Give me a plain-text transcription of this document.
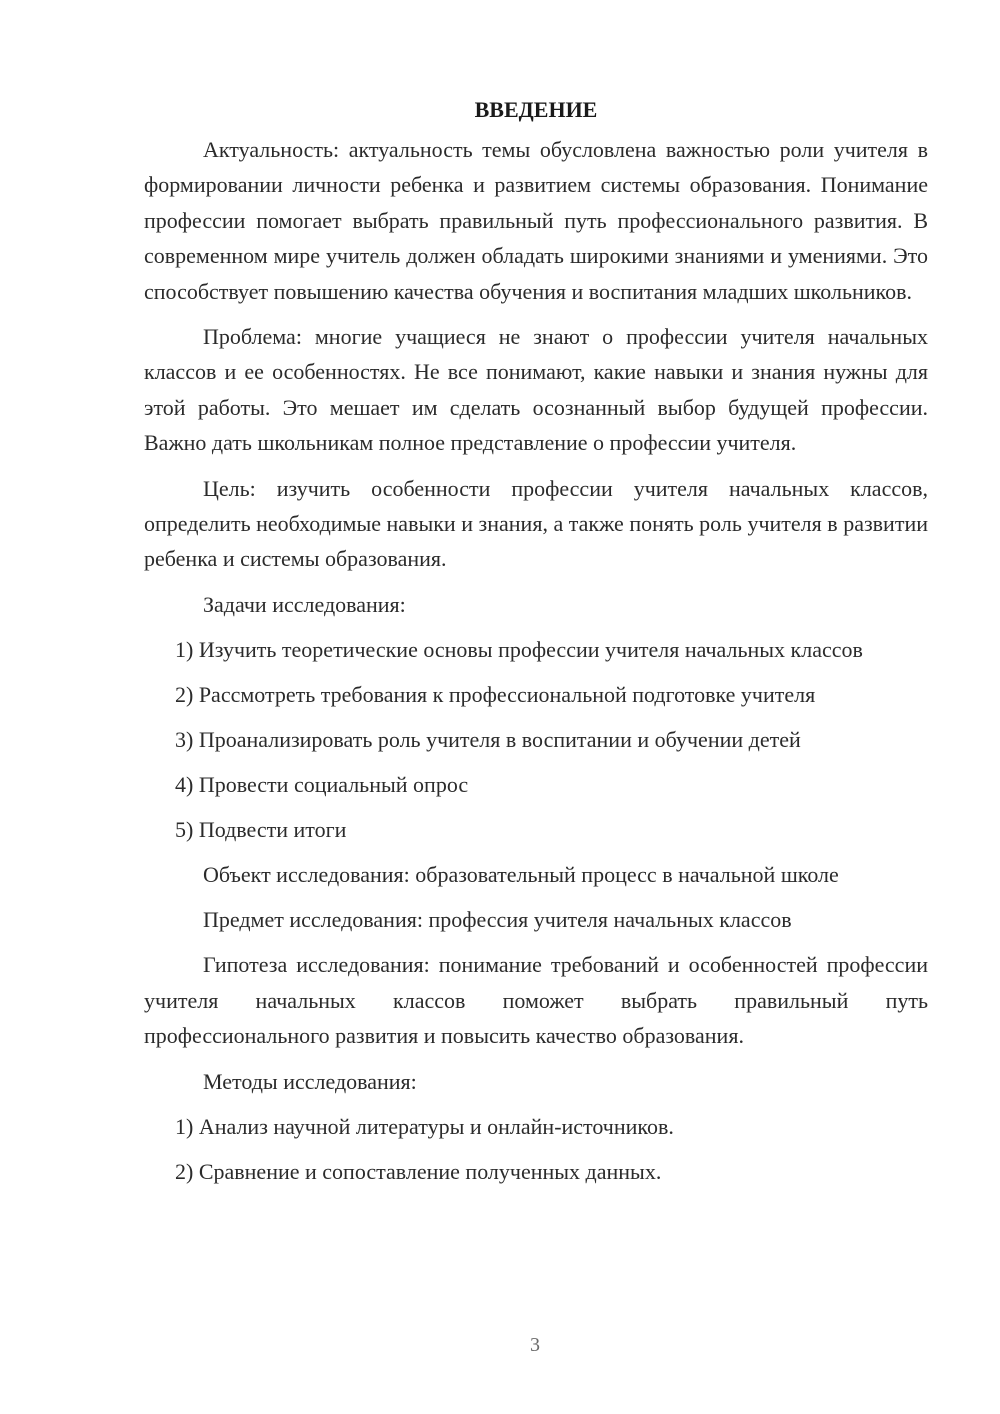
ВВЕДЕНИЕ

Актуальность: актуальность темы обусловлена важностью роли учителя в формировании личности ребенка и развитием системы образования. Понимание профессии помогает выбрать правильный путь профессионального развития. В современном мире учитель должен обладать широкими знаниями и умениями. Это способствует повышению качества обучения и воспитания младших школьников.

Проблема: многие учащиеся не знают о профессии учителя начальных классов и ее особенностях. Не все понимают, какие навыки и знания нужны для этой работы. Это мешает им сделать осознанный выбор будущей профессии. Важно дать школьникам полное представление о профессии учителя.

Цель: изучить особенности профессии учителя начальных классов, определить необходимые навыки и знания, а также понять роль учителя в развитии ребенка и системы образования.

Задачи исследования:

1) Изучить теоретические основы профессии учителя начальных классов

2) Рассмотреть требования к профессиональной подготовке учителя

3) Проанализировать роль учителя в воспитании и обучении детей

4) Провести социальный опрос

5) Подвести итоги

Объект исследования: образовательный процесс в начальной школе

Предмет исследования: профессия учителя начальных классов

Гипотеза исследования: понимание требований и особенностей профессии учителя начальных классов поможет выбрать правильный путь профессионального развития и повысить качество образования.

Методы исследования:

1) Анализ научной литературы и онлайн-источников.

2) Сравнение и сопоставление полученных данных.

3
